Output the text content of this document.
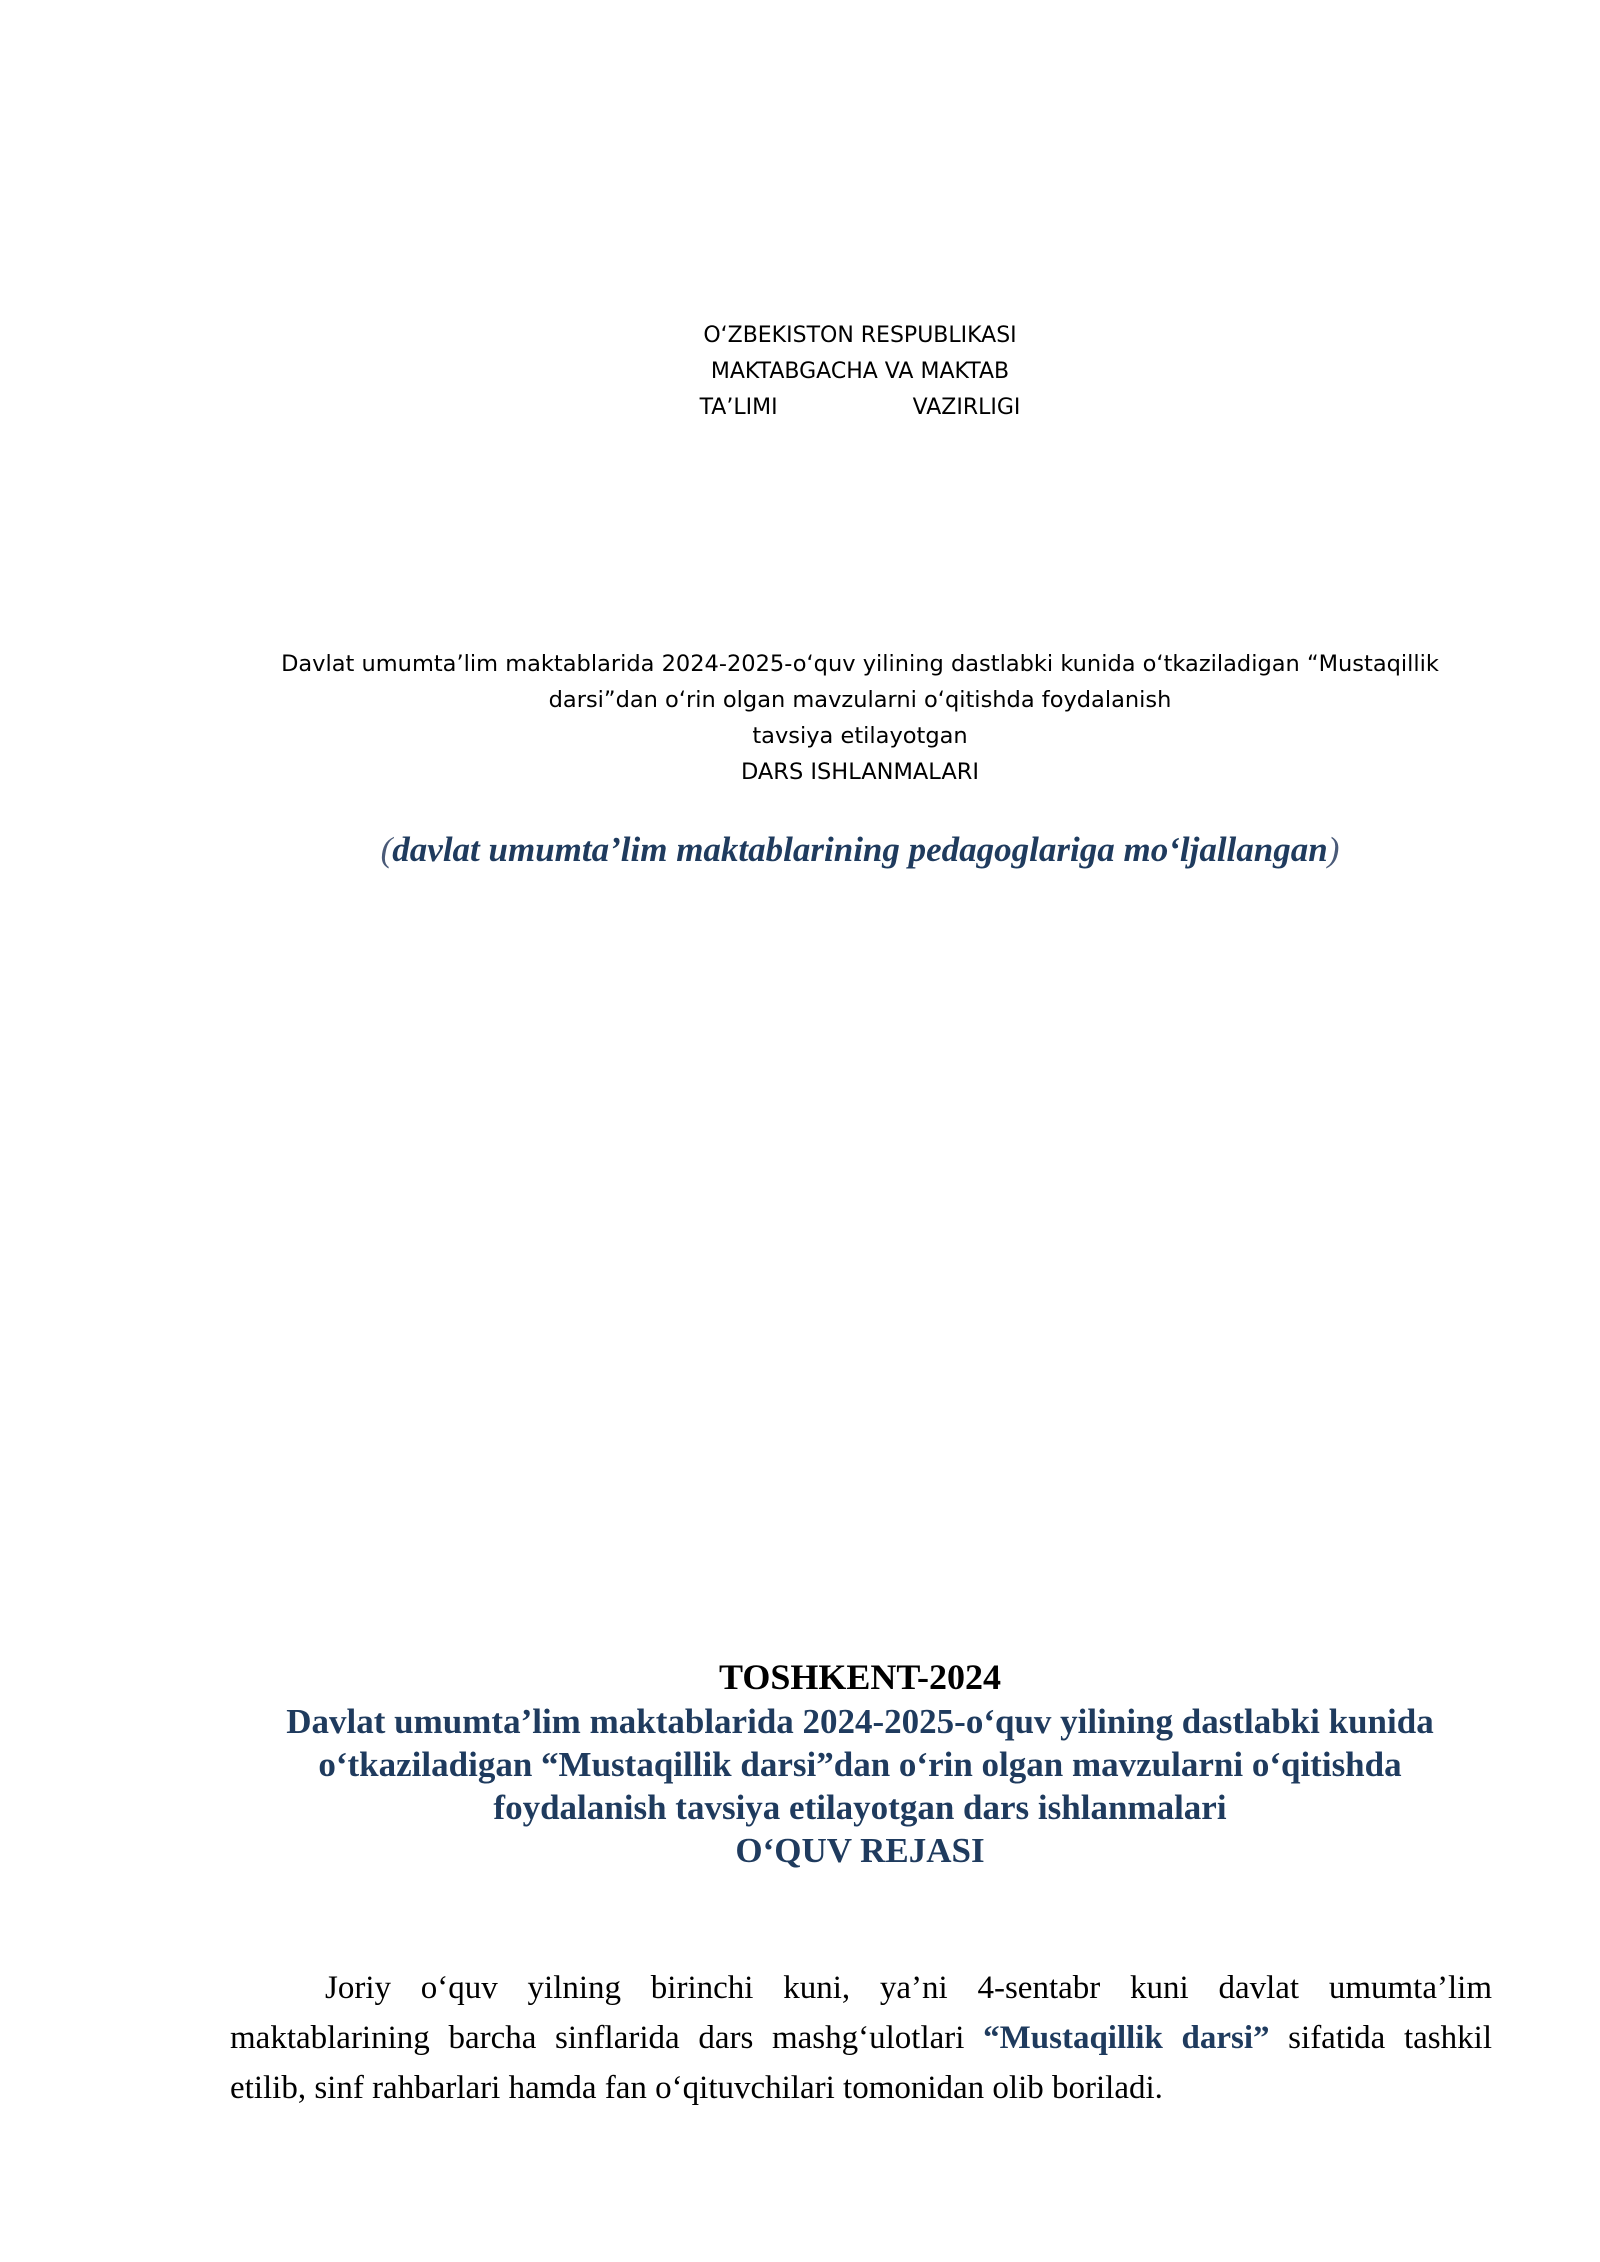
O‘ZBEKISTON RESPUBLIKASI
MAKTABGACHA VA MAKTAB
TA’LIMI	VAZIRLIGI
Davlat umumta’lim maktablarida 2024-2025-o‘quv yilining dastlabki kunida o‘tkaziladigan “Mustaqillik
darsi”dan o‘rin olgan mavzularni o‘qitishda foydalanish
tavsiya etilayotgan
DARS ISHLANMALARI
(davlat umumta’lim maktablarining pedagoglariga mo‘ljallangan)
TOSHKENT-2024
Davlat umumta’lim maktablarida 2024-2025-o‘quv yilining dastlabki kunida
o‘tkaziladigan “Mustaqillik darsi”dan o‘rin olgan mavzularni o‘qitishda
foydalanish tavsiya etilayotgan dars ishlanmalari
O‘QUV REJASI

Joriy o‘quv yilning birinchi kuni, ya’ni 4-sentabr kuni davlat umumta’lim maktablarining barcha sinflarida dars mashg‘ulotlari “Mustaqillik darsi” sifatida tashkil etilib, sinf rahbarlari hamda fan o‘qituvchilari tomonidan olib boriladi.
